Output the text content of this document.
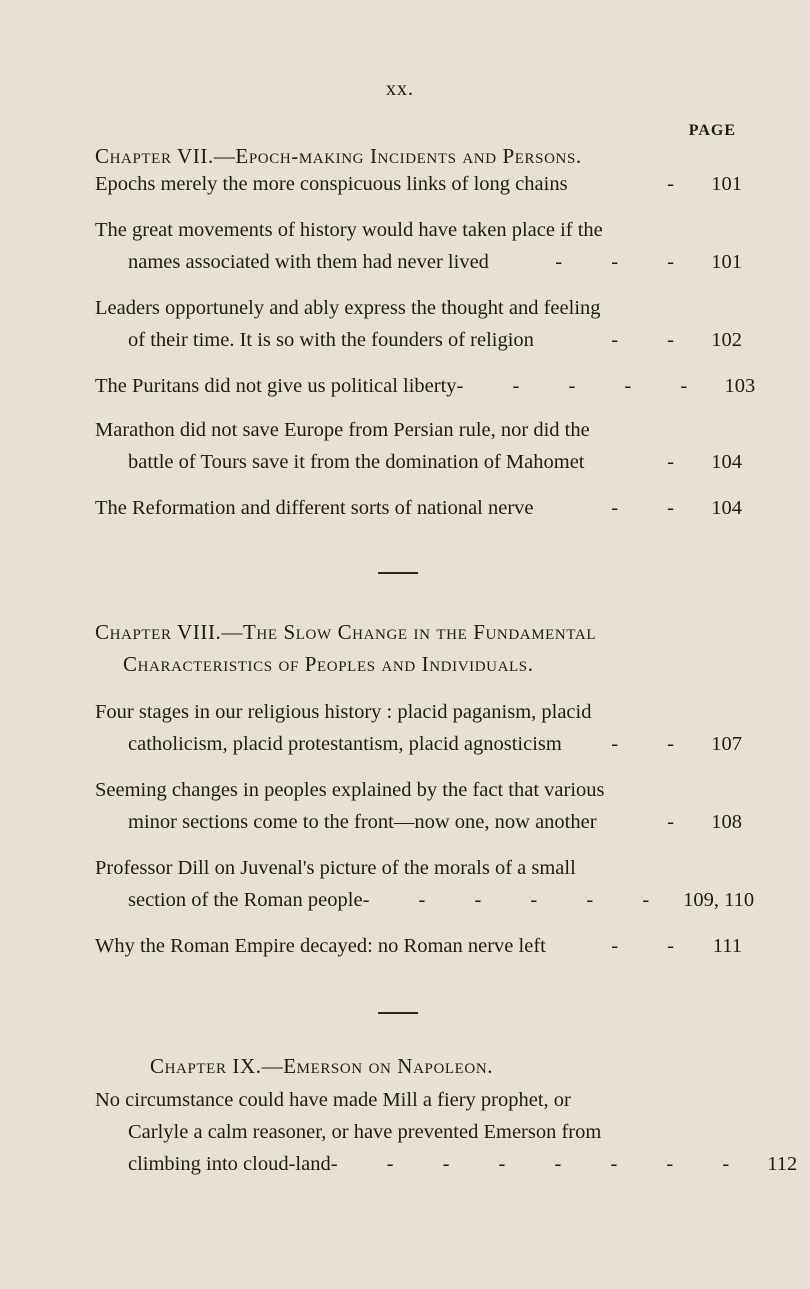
xx.
PAGE
Chapter VII.—Epoch-making Incidents and Persons.
Epochs merely the more conspicuous links of long chains	- 101
The great movements of history would have taken place if the
names associated with them had never lived	- - - 101
Leaders opportunely and ably express the thought and feeling
of their time. It is so with the founders of religion	- - 102
The Puritans did not give us political liberty - - - - - 103
Marathon did not save Europe from Persian rule, nor did the
battle of Tours save it from the domination of Mahomet	- 104
The Reformation and different sorts of national nerve	- - 104
Chapter VIII.—The Slow Change in the Fundamental
Characteristics of Peoples and Individuals.
Four stages in our religious history : placid paganism, placid
catholicism, placid protestantism, placid agnosticism	- - 107
Seeming changes in peoples explained by the fact that various
minor sections come to the front—now one, now another	- 108
Professor Dill on Juvenal's picture of the morals of a small
section of the Roman people - - - - - - 109, 110
Why the Roman Empire decayed: no Roman nerve left	- - 111
Chapter IX.—Emerson on Napoleon.
No circumstance could have made Mill a fiery prophet, or
Carlyle a calm reasoner, or have prevented Emerson from
climbing into cloud-land - - - - - - - - 112
